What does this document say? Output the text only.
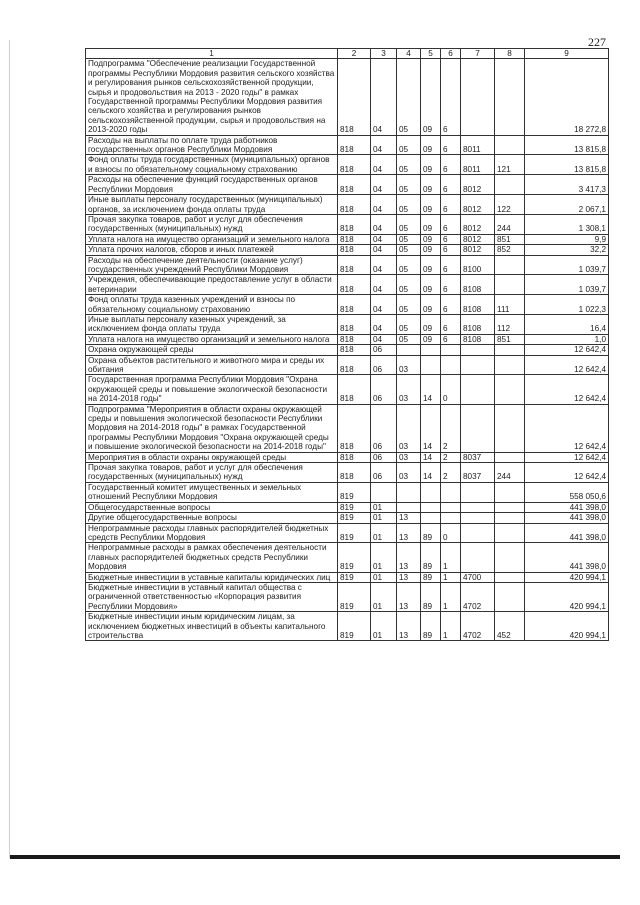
227
1	2	3	4	5	6	7	8	9
Подпрограмма "Обеспечение реализации Государственной программы Республики Мордовия развития сельского хозяйства и регулирования рынков сельскохозяйственной продукции, сырья и продовольствия на 2013 - 2020 годы" в рамках Государственной программы Республики Мордовия развития сельского хозяйства и регулирования рынков сельскохозяйственной продукции, сырья и продовольствия на 2013-2020 годы	818	04	05	09	6			18 272,8
Расходы на выплаты по оплате труда работников государственных органов Республики Мордовия	818	04	05	09	6	8011		13 815,8
Фонд оплаты труда государственных (муниципальных) органов и взносы по обязательному социальному страхованию	818	04	05	09	6	8011	121	13 815,8
Расходы на обеспечение функций государственных органов Республики Мордовия	818	04	05	09	6	8012		3 417,3
Иные выплаты персоналу государственных (муниципальных) органов, за исключением фонда оплаты труда	818	04	05	09	6	8012	122	2 067,1
Прочая закупка товаров, работ и услуг для обеспечения государственных (муниципальных) нужд	818	04	05	09	6	8012	244	1 308,1
Уплата налога на имущество организаций и земельного налога	818	04	05	09	6	8012	851	9,9
Уплата прочих налогов, сборов и иных платежей	818	04	05	09	6	8012	852	32,2
Расходы на обеспечение деятельности (оказание услуг) государственных учреждений Республики Мордовия	818	04	05	09	6	8100		1 039,7
Учреждения, обеспечивающие предоставление услуг в области ветеринарии	818	04	05	09	6	8108		1 039,7
Фонд оплаты труда казенных учреждений и взносы по обязательному социальному страхованию	818	04	05	09	6	8108	111	1 022,3
Иные выплаты персоналу казенных учреждений, за исключением фонда оплаты труда	818	04	05	09	6	8108	112	16,4
Уплата налога на имущество организаций и земельного налога	818	04	05	09	6	8108	851	1,0
Охрана окружающей среды	818	06						12 642,4
Охрана объектов растительного и животного мира и среды их обитания	818	06	03					12 642,4
Государственная программа Республики Мордовия "Охрана окружающей среды и повышение экологической безопасности на 2014-2018 годы"	818	06	03	14	0			12 642,4
Подпрограмма "Мероприятия в области охраны окружающей среды и повышения экологической безопасности Республики Мордовия на 2014-2018 годы" в рамках Государственной программы Республики Мордовия "Охрана окружающей среды и повышение экологической безопасности на 2014-2018 годы"	818	06	03	14	2			12 642,4
Мероприятия в области охраны окружающей среды	818	06	03	14	2	8037		12 642,4
Прочая закупка товаров, работ и услуг для обеспечения государственных (муниципальных) нужд	818	06	03	14	2	8037	244	12 642,4
Государственный комитет имущественных и земельных отношений Республики Мордовия	819							558 050,6
Общегосударственные вопросы	819	01						441 398,0
Другие общегосударственные вопросы	819	01	13					441 398,0
Непрограммные расходы главных распорядителей бюджетных средств Республики Мордовия	819	01	13	89	0			441 398,0
Непрограммные расходы в рамках обеспечения деятельности главных распорядителей бюджетных средств Республики Мордовия	819	01	13	89	1			441 398,0
Бюджетные инвестиции в уставные капиталы юридических лиц	819	01	13	89	1	4700		420 994,1
Бюджетные инвестиции в уставный капитал общества с ограниченной ответственностью «Корпорация развития Республики Мордовия»	819	01	13	89	1	4702		420 994,1
Бюджетные инвестиции иным юридическим лицам, за исключением бюджетных инвестиций в объекты капитального строительства	819	01	13	89	1	4702	452	420 994,1
